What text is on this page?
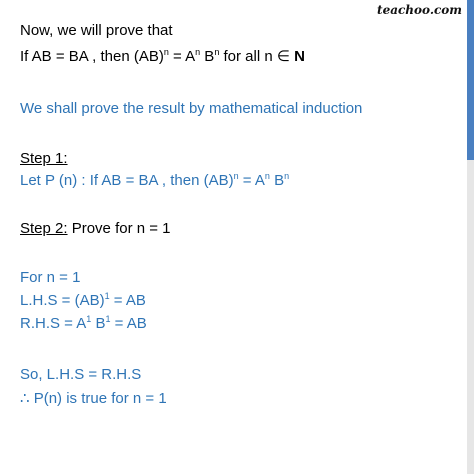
teachoo.com
Now, we will prove that
If AB = BA , then $(AB)^n = A^n$ $B^n$ for all n ∈ N
We shall prove the result by mathematical induction
Step 1:
Let P (n) : If AB = BA , then $(AB)^n = A^n$ $B^n$
Step 2: Prove for n = 1
For n = 1
L.H.S = (AB)$^1$ = AB
$R.H.S = A^1$ $B^1$ = AB
So, L.H.S = R.H.S
∴ P(n) is true for n = 1
